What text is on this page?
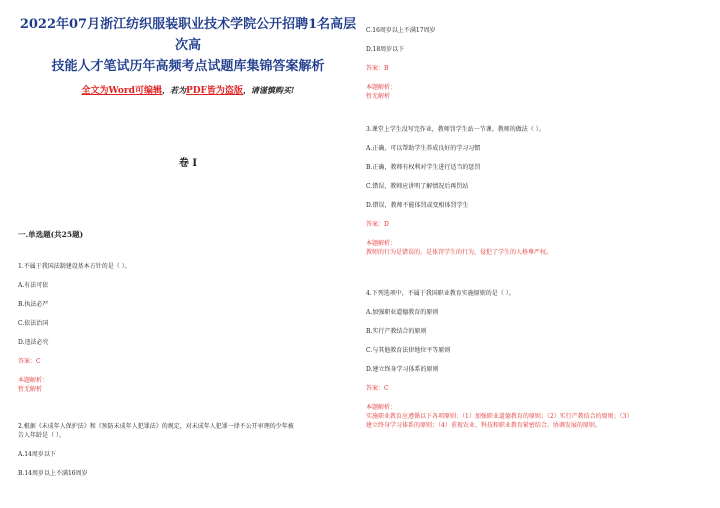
2022年07月浙江纺织服装职业技术学院公开招聘1名高层次高
技能人才笔试历年高频考点试题库集锦答案解析
全文为Word可编辑，若为PDF皆为盗版，请谨慎购买!
卷 I
一.单选题(共25题)

1.不属于我国法制建设基本方针的是（ ）。

A.有法可依

B.执法必严

C.依法治国

D.违法必究

答案：C

本题解析：

暂无解析

2.根据《未成年人保护法》和《预防未成年人犯罪法》的规定，对未成年人犯罪一律不公开审理的少年被

告人年龄是（ ）。

A.14周岁以下

B.14周岁以上不满16周岁

C.16周岁以上不满17周岁

D.18周岁以下

答案：B

本题解析：

暂无解析

3.课堂上学生没写完作业，教师罚学生站一节课。教师的做法（ ）。

A.正确，可以帮助学生养成良好的学习习惯

B.正确，教师有权利对学生进行适当的惩罚

C.错误，教师应讲明了解情况后再罚站

D.错误，教师不能体罚或变相体罚学生

答案：D

本题解析：

教师的行为是错误的，是体罚学生的行为，侵犯了学生的人格尊严权。

4.下列选项中，不属于我国职业教育实施原则的是（ ）。

A.加强职业道德教育的原则

B.实行产教结合的原则

C.与其他教育法律地位平等原则

D.建立终身学习体系的原则

答案：C

本题解析：

实施职业教育应遵循以下各项原则：（1）加强职业道德教育的原则；（2）实行产教结合的原则；（3）

建立终身学习体系的原则；（4）重视农业、科技和职业教育紧密结合、协调发展的原则。
